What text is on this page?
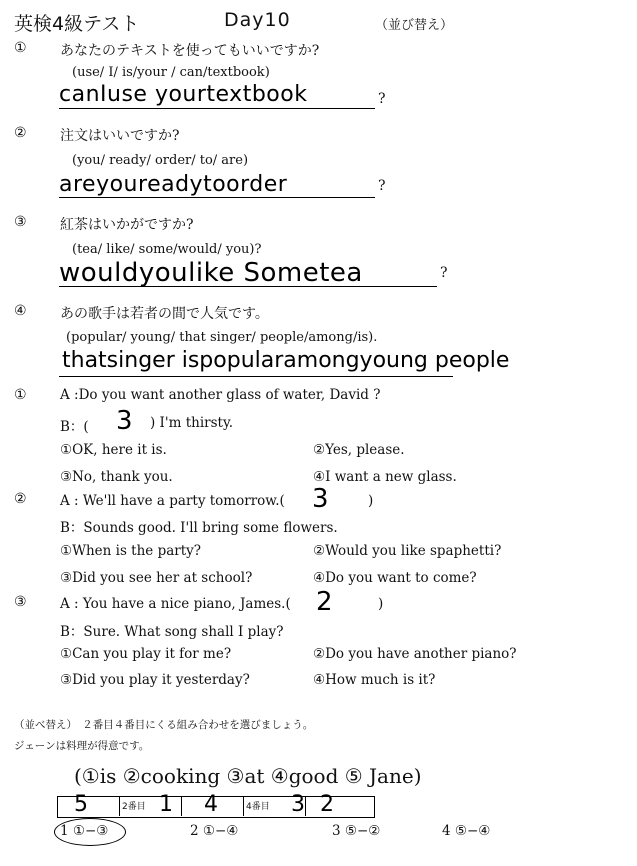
英検4級テスト	Day10	（並び替え）
① あなたのテキストを使ってもいいですか?
(use/ I/ is/your / can/textbook)
canIuse yourtextbook	?
② 注文はいいですか?
(you/ ready/ order/ to/ are)
areyoureadytoorder	?
③ 紅茶はいかがですか?
(tea/ like/ some/would/ you)?
wouldyoulike Sometea	?
④ あの歌手は若者の間で人気です。
(popular/ young/ that singer/ people/among/is).
thatsinger ispopularamongyoung people
① A :Do you want another glass of water, David ?
B：( 3 ) I'm thirsty.
①OK, here it is.	②Yes, please.
③No, thank you.	④I want a new glass.
② A : We'll have a party tomorrow.( 3	)
B：Sounds good. I'll bring some flowers.
①When is the party?	②Would you like spaphetti?
③Did you see her at school?	④Do you want to come?
③ A : You have a nice piano, James.( 2	)
B：Sure. What song shall I play?
①Can you play it for me?	②Do you have another piano?
③Did you play it yesterday?	④How much is it?
（並べ替え）　２番目４番目にくる組み合わせを選びましょう。
ジェーンは料理が得意です。
(①is ②cooking ③at ④good ⑤ Jane)
5	2番目 1 4	4番目 3 2
1 ①−③	2 ①−④	3 ⑤−②	4 ⑤−④
